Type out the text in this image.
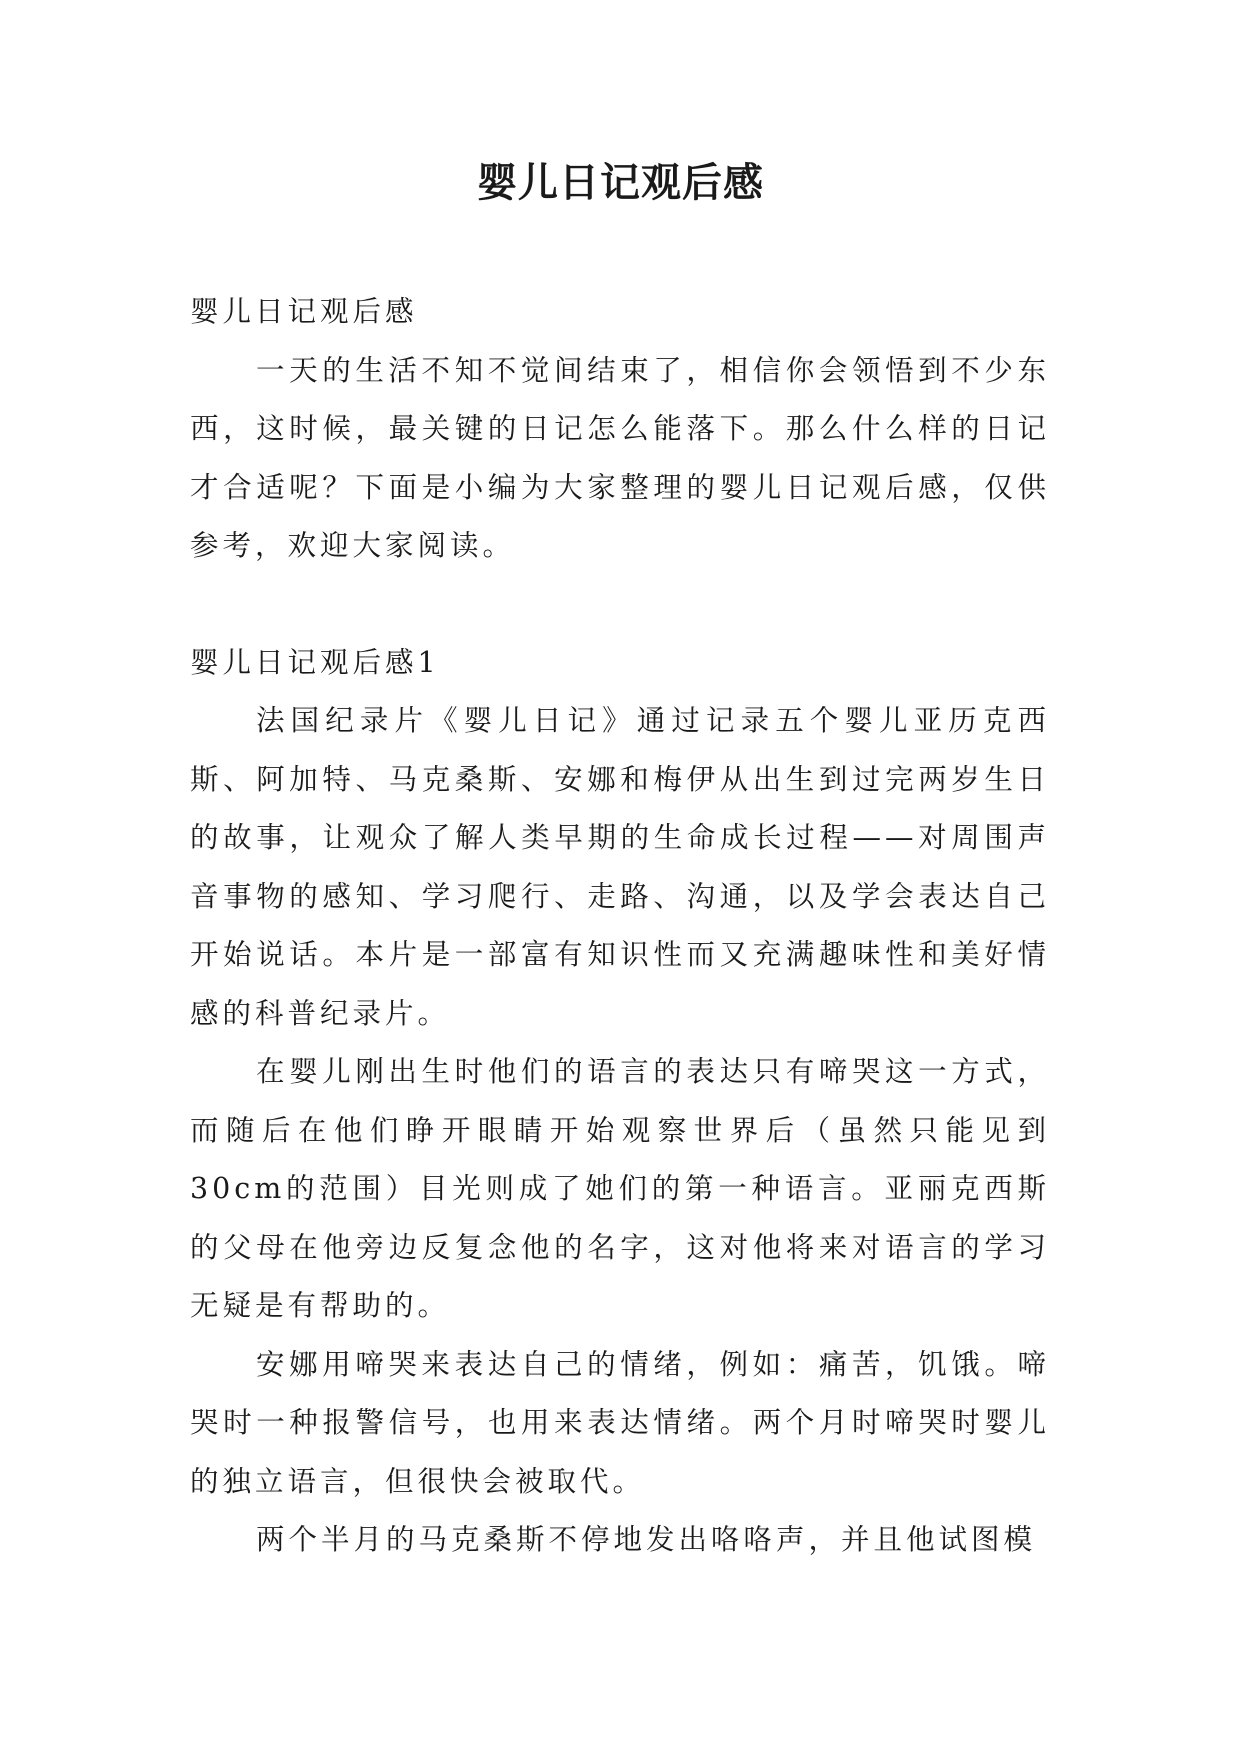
婴儿日记观后感

婴儿日记观后感

一天的生活不知不觉间结束了，相信你会领悟到不少东西，这时候，最关键的日记怎么能落下。那么什么样的日记才合适呢？下面是小编为大家整理的婴儿日记观后感，仅供参考，欢迎大家阅读。

婴儿日记观后感1

法国纪录片《婴儿日记》通过记录五个婴儿亚历克西斯、阿加特、马克桑斯、安娜和梅伊从出生到过完两岁生日的故事，让观众了解人类早期的生命成长过程——对周围声音事物的感知、学习爬行、走路、沟通，以及学会表达自己开始说话。本片是一部富有知识性而又充满趣味性和美好情感的科普纪录片。

在婴儿刚出生时他们的语言的表达只有啼哭这一方式，而随后在他们睁开眼睛开始观察世界后（虽然只能见到30cm的范围）目光则成了她们的第一种语言。亚丽克西斯的父母在他旁边反复念他的名字，这对他将来对语言的学习无疑是有帮助的。

安娜用啼哭来表达自己的情绪，例如：痛苦，饥饿。啼哭时一种报警信号，也用来表达情绪。两个月时啼哭时婴儿的独立语言，但很快会被取代。

两个半月的马克桑斯不停地发出咯咯声，并且他试图模
